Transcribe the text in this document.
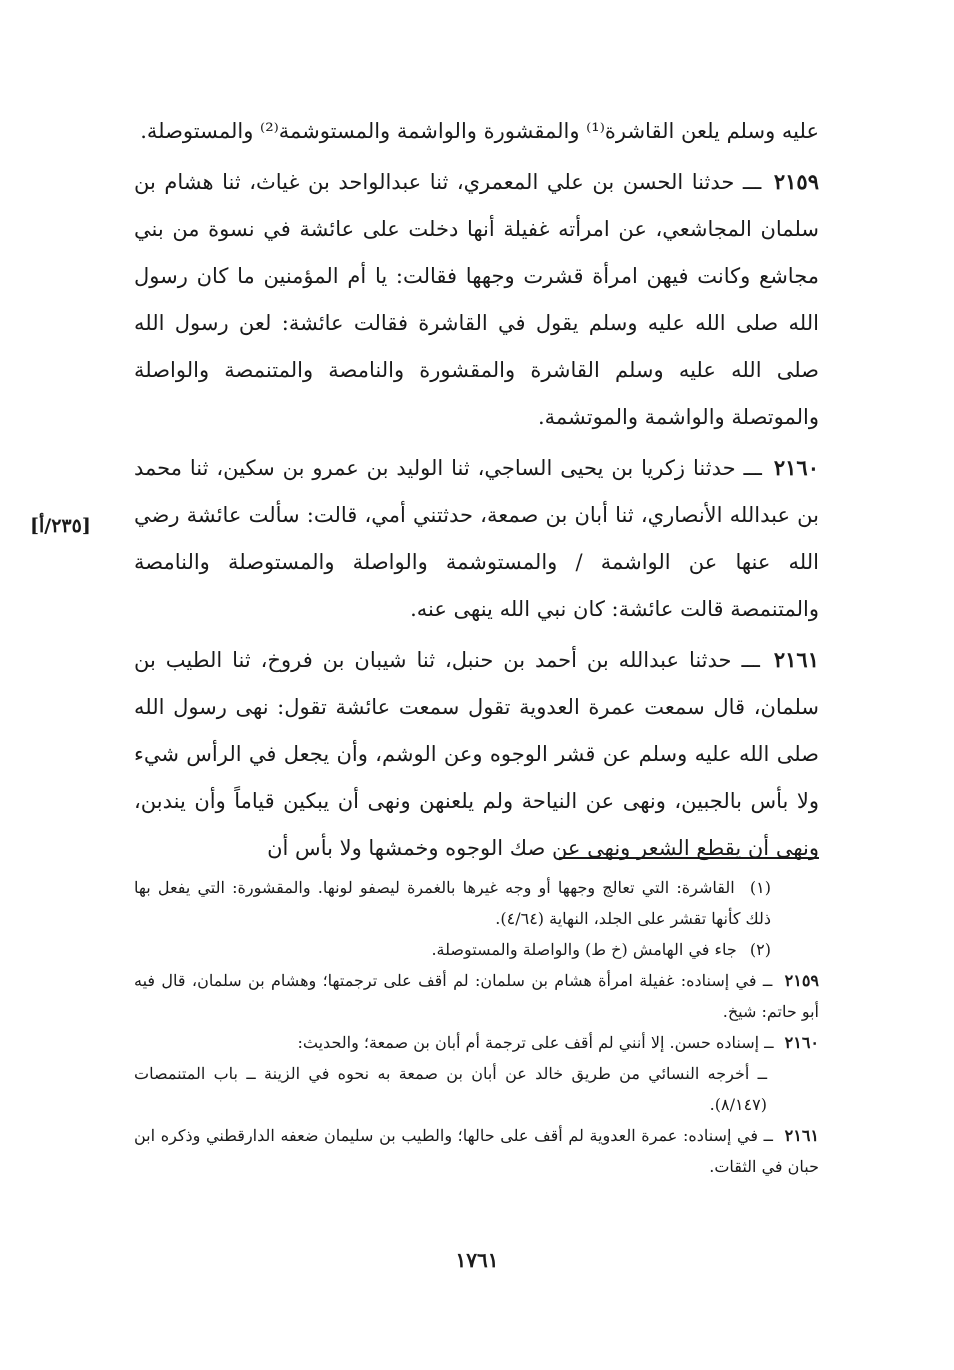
عليه وسلم يلعن القاشرة⁽¹⁾ والمقشورة والواشمة والمستوشمة⁽²⁾ والمستوصلة.

٢١٥٩ ـــ حدثنا الحسن بن علي المعمري، ثنا عبدالواحد بن غياث، ثنا هشام بن سلمان المجاشعي، عن امرأته غفيلة أنها دخلت على عائشة في نسوة من بني مجاشع وكانت فيهن امرأة قشرت وجهها فقالت: يا أم المؤمنين ما كان رسول الله صلى الله عليه وسلم يقول في القاشرة فقالت عائشة: لعن رسول الله صلى الله عليه وسلم القاشرة والمقشورة والنامصة والمتنمصة والواصلة والموتصلة والواشمة والموتشمة.

٢١٦٠ ـــ حدثنا زكريا بن يحيى الساجي، ثنا الوليد بن عمرو بن سكين، ثنا محمد بن عبدالله الأنصاري، ثنا أبان بن صمعة، حدثتني أمي، قالت: سألت عائشة رضي الله عنها عن الواشمة / والمستوشمة والواصلة والمستوصلة والنامصة والمتنمصة قالت عائشة: كان نبي الله ينهى عنه.

٢١٦١ ـــ حدثنا عبدالله بن أحمد بن حنبل، ثنا شيبان بن فروخ، ثنا الطيب بن سلمان، قال سمعت عمرة العدوية تقول سمعت عائشة تقول: نهى رسول الله صلى الله عليه وسلم عن قشر الوجوه وعن الوشم، وأن يجعل في الرأس شيء ولا بأس بالجبين، ونهى عن النياحة ولم يلعنهن ونهى أن يبكين قياماً وأن يندبن، ونهى أن يقطع الشعر ونهى عن صك الوجوه وخمشها ولا بأس أن

[٢٣٥/أ]

(١) القاشرة: التي تعالج وجهها أو وجه غيرها بالغمرة ليصفو لونها. والمقشورة: التي يفعل بها ذلك كأنها تقشر على الجلد، النهاية (٤/٦٤).

(٢) جاء في الهامش (خ ط) والواصلة والمستوصلة.

٢١٥٩ ــ في إسناده: غفيلة امرأة هشام بن سلمان: لم أقف على ترجمتها؛ وهشام بن سلمان، قال فيه أبو حاتم: شيخ.

٢١٦٠ ــ إسناده حسن. إلا أنني لم أقف على ترجمة أم أبان بن صمعة؛ والحديث:

ــ أخرجه النسائي من طريق خالد عن أبان بن صمعة به نحوه في الزينة ــ باب المتنمصات (٨/١٤٧).

٢١٦١ ــ في إسناده: عمرة العدوية لم أقف على حالها؛ والطيب بن سليمان ضعفه الدارقطني وذكره ابن حبان في الثقات.

١٧٦١
